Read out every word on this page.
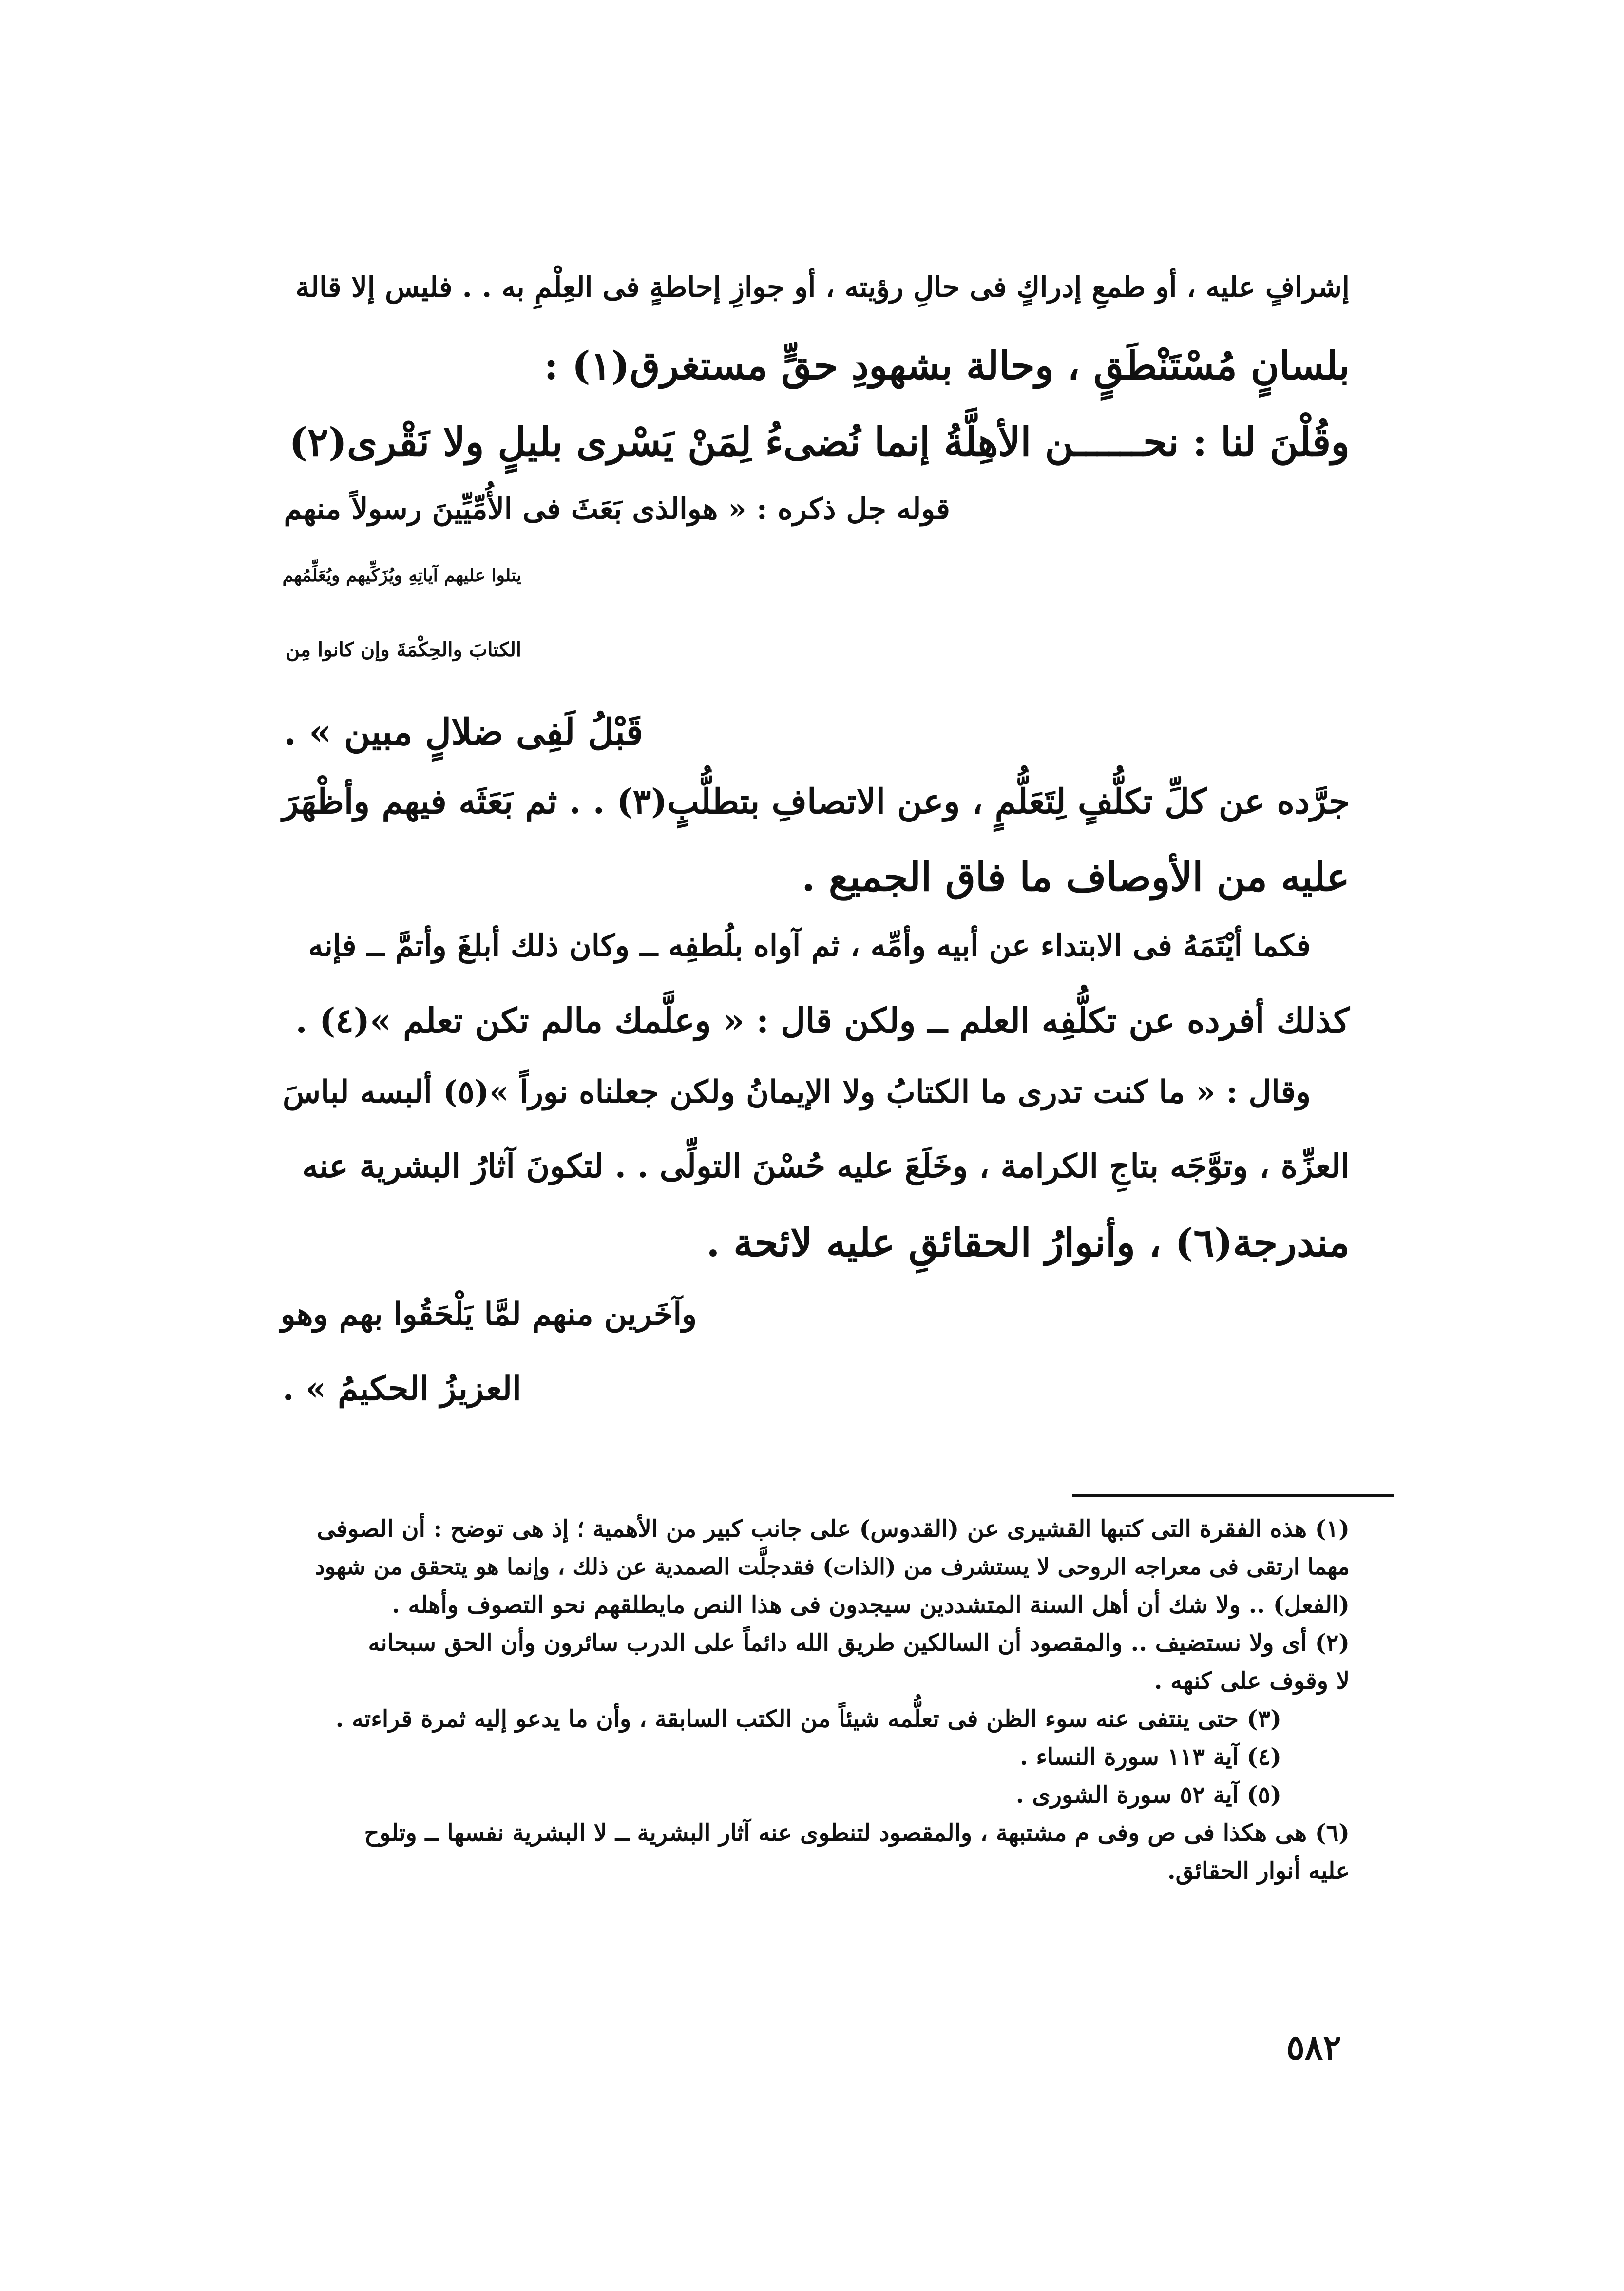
إشرافٍ عليه ، أو طمعِ إدراكٍ فى حالِ رؤيته ، أو جوازِ إحاطةٍ فى العِلْمِ به . . فليس إلا قالة
بلسانٍ مُسْتَنْطَقٍ ، وحالة بشهودِ حقٍّ مستغرق(١) :
وقُلْنَ لنا : نحــــــن الأهِلَّةُ إنما نُضىءُ لِمَنْ يَسْرى بليلٍ ولا نَقْرى(٢)
قوله جل ذكره : « هوالذى بَعَثَ فى الأُمِّيِّينَ رسولاً منهم
يتلوا عليهم آياتِهِ ويُزَكِّيهم ويُعَلِّمُهم
الكتابَ والحِكْمَةَ وإن كانوا مِن
قَبْلُ لَفِى ضلالٍ مبين » .
جرَّده عن كلِّ تكلُّفٍ لِتَعَلُّمٍ ، وعن الاتصافِ بتطلُّبٍ(٣) . . ثم بَعَثَه فيهم وأظْهَرَ
عليه من الأوصاف ما فاق الجميع .
فكما أيْتَمَهُ فى الابتداء عن أبيه وأمِّه ، ثم آواه بلُطفِه ــ وكان ذلك أبلغَ وأتمَّ ــ فإنه
كذلك أفرده عن تكلُّفِه العلم ــ ولكن قال : « وعلَّمك مالم تكن تعلم »(٤) .
وقال : « ما كنت تدرى ما الكتابُ ولا الإيمانُ ولكن جعلناه نوراً »(٥) ألبسه لباسَ
العزِّة ، وتوَّجَه بتاجِ الكرامة ، وخَلَعَ عليه حُسْنَ التولِّى . . لتكونَ آثارُ البشرية عنه
مندرجة(٦) ، وأنوارُ الحقائقِ عليه لائحة .
وآخَرين منهم لمَّا يَلْحَقُوا بهم وهو
العزيزُ الحكيمُ » .
(١) هذه الفقرة التى كتبها القشيرى عن (القدوس) على جانب كبير من الأهمية ؛ إذ هى توضح : أن الصوفى
مهما ارتقى فى معراجه الروحى لا يستشرف من (الذات) فقدجلَّت الصمدية عن ذلك ، وإنما هو يتحقق من شهود
(الفعل) .. ولا شك أن أهل السنة المتشددين سيجدون فى هذا النص مايطلقهم نحو التصوف وأهله .
(٢) أى ولا نستضيف .. والمقصود أن السالكين طريق الله دائماً على الدرب سائرون وأن الحق سبحانه
لا وقوف على كنهه .
(٣) حتى ينتفى عنه سوء الظن فى تعلُّمه شيئاً من الكتب السابقة ، وأن ما يدعو إليه ثمرة قراءته .
(٤) آية ١١٣ سورة النساء .
(٥) آية ٥٢ سورة الشورى .
(٦) هى هكذا فى ص وفى م مشتبهة ، والمقصود لتنطوى عنه آثار البشرية ــ لا البشرية نفسها ــ وتلوح
عليه أنوار الحقائق.
٥٨٢
